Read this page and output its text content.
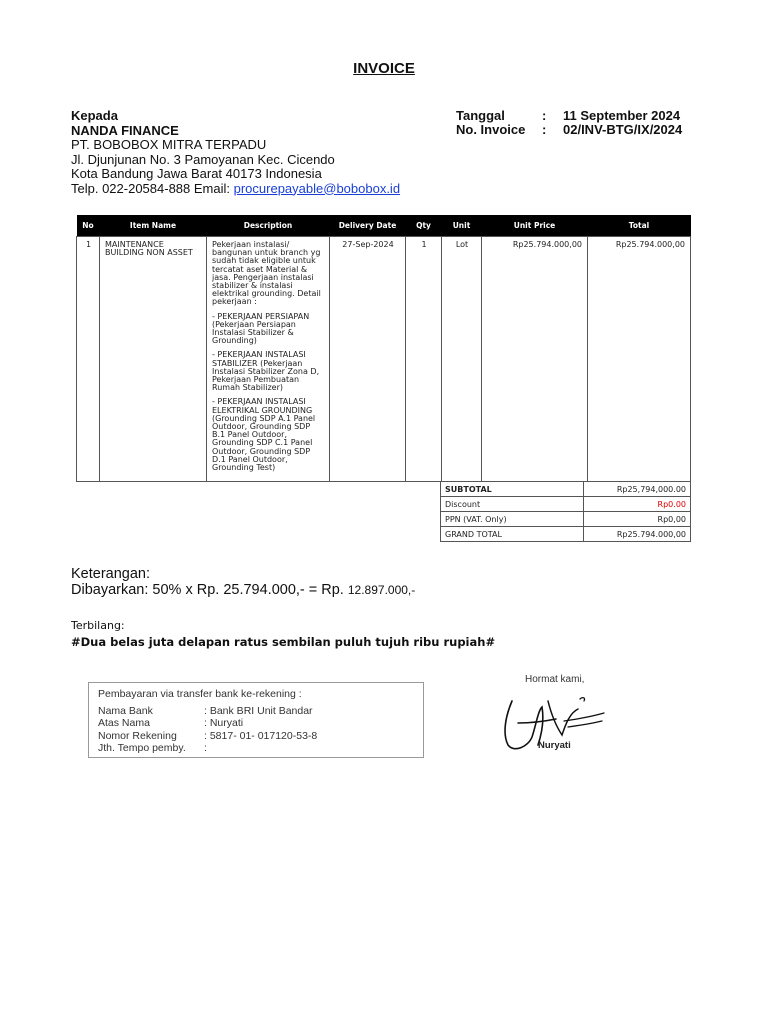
INVOICE
Kepada
NANDA FINANCE
PT. BOBOBOX MITRA TERPADU
Jl. Djunjunan No. 3 Pamoyanan Kec. Cicendo
Kota Bandung Jawa Barat 40173 Indonesia
Telp. 022-20584-888 Email: procurepayable@bobobox.id
Tanggal	:	11 September 2024
No. Invoice	:	02/INV-BTG/IX/2024
No	Item Name	Description	Delivery Date	Qty	Unit	Unit Price	Total
1	MAINTENANCE BUILDING NON ASSET	Pekerjaan instalasi/ bangunan untuk branch yg sudah tidak eligible untuk tercatat aset Material & jasa. Pengerjaan instalasi stabilizer & instalasi elektrikal grounding. Detail pekerjaan :

- PEKERJAAN PERSIAPAN (Pekerjaan Persiapan Instalasi Stabilizer & Grounding)

- PEKERJAAN INSTALASI STABILIZER (Pekerjaan Instalasi Stabilizer Zona D, Pekerjaan Pembuatan Rumah Stabilizer)

- PEKERJAAN INSTALASI ELEKTRIKAL GROUNDING (Grounding SDP A.1 Panel Outdoor, Grounding SDP B.1 Panel Outdoor, Grounding SDP C.1 Panel Outdoor, Grounding SDP D.1 Panel Outdoor, Grounding Test)	27-Sep-2024	1	Lot	Rp25.794.000,00	Rp25.794.000,00
SUBTOTAL	Rp25,794,000.00
Discount	Rp0.00
PPN (VAT. Only)	Rp0,00
GRAND TOTAL	Rp25.794.000,00
Keterangan:
Dibayarkan: 50% x Rp. 25.794.000,- = Rp. 12.897.000,-
Terbilang:
#Dua belas juta delapan ratus sembilan puluh tujuh ribu rupiah#
Pembayaran via transfer bank ke-rekening :
Nama Bank	: Bank BRI Unit Bandar
Atas Nama	: Nuryati
Nomor Rekening	: 5817- 01- 017120-53-8
Jth. Tempo pemby.	:
Hormat kami,
Nuryati
